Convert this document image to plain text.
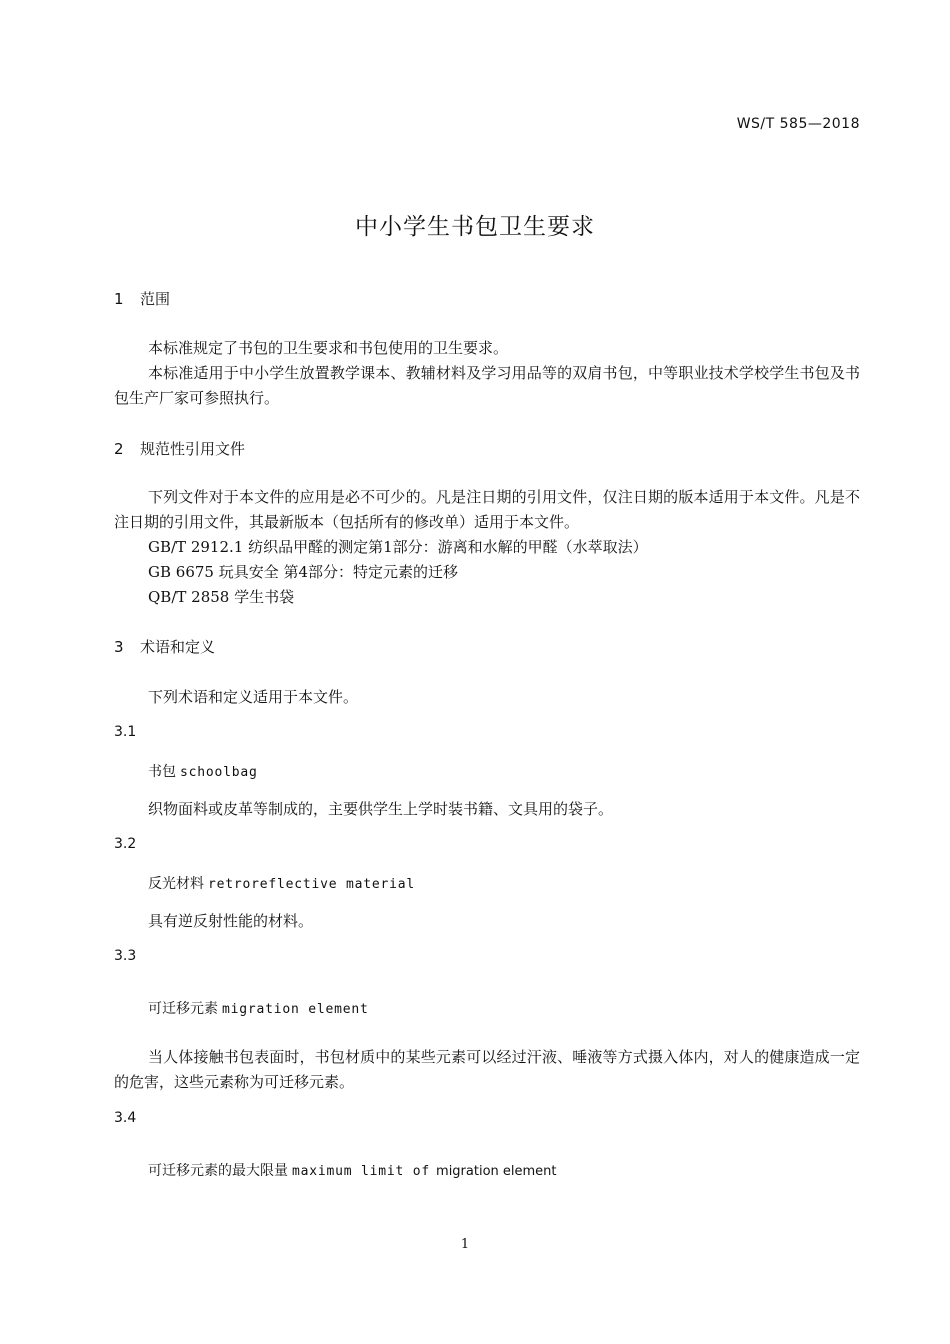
WS/T 585—2018
中小学生书包卫生要求
1 范围
本标准规定了书包的卫生要求和书包使用的卫生要求。
本标准适用于中小学生放置教学课本、教辅材料及学习用品等的双肩书包，中等职业技术学校学生书包及书包生产厂家可参照执行。
2 规范性引用文件
下列文件对于本文件的应用是必不可少的。凡是注日期的引用文件，仅注日期的版本适用于本文件。凡是不注日期的引用文件，其最新版本（包括所有的修改单）适用于本文件。
GB/T 2912.1 纺织品甲醛的测定第1部分：游离和水解的甲醛（水萃取法）
GB 6675 玩具安全 第4部分：特定元素的迁移
QB/T 2858 学生书袋
3 术语和定义
下列术语和定义适用于本文件。
3.1
书包 schoolbag
织物面料或皮革等制成的，主要供学生上学时装书籍、文具用的袋子。
3.2
反光材料 retroreflective material
具有逆反射性能的材料。
3.3
可迁移元素 migration element
当人体接触书包表面时，书包材质中的某些元素可以经过汗液、唾液等方式摄入体内，对人的健康造成一定的危害，这些元素称为可迁移元素。
3.4
可迁移元素的最大限量 maximum limit of migration element
1
